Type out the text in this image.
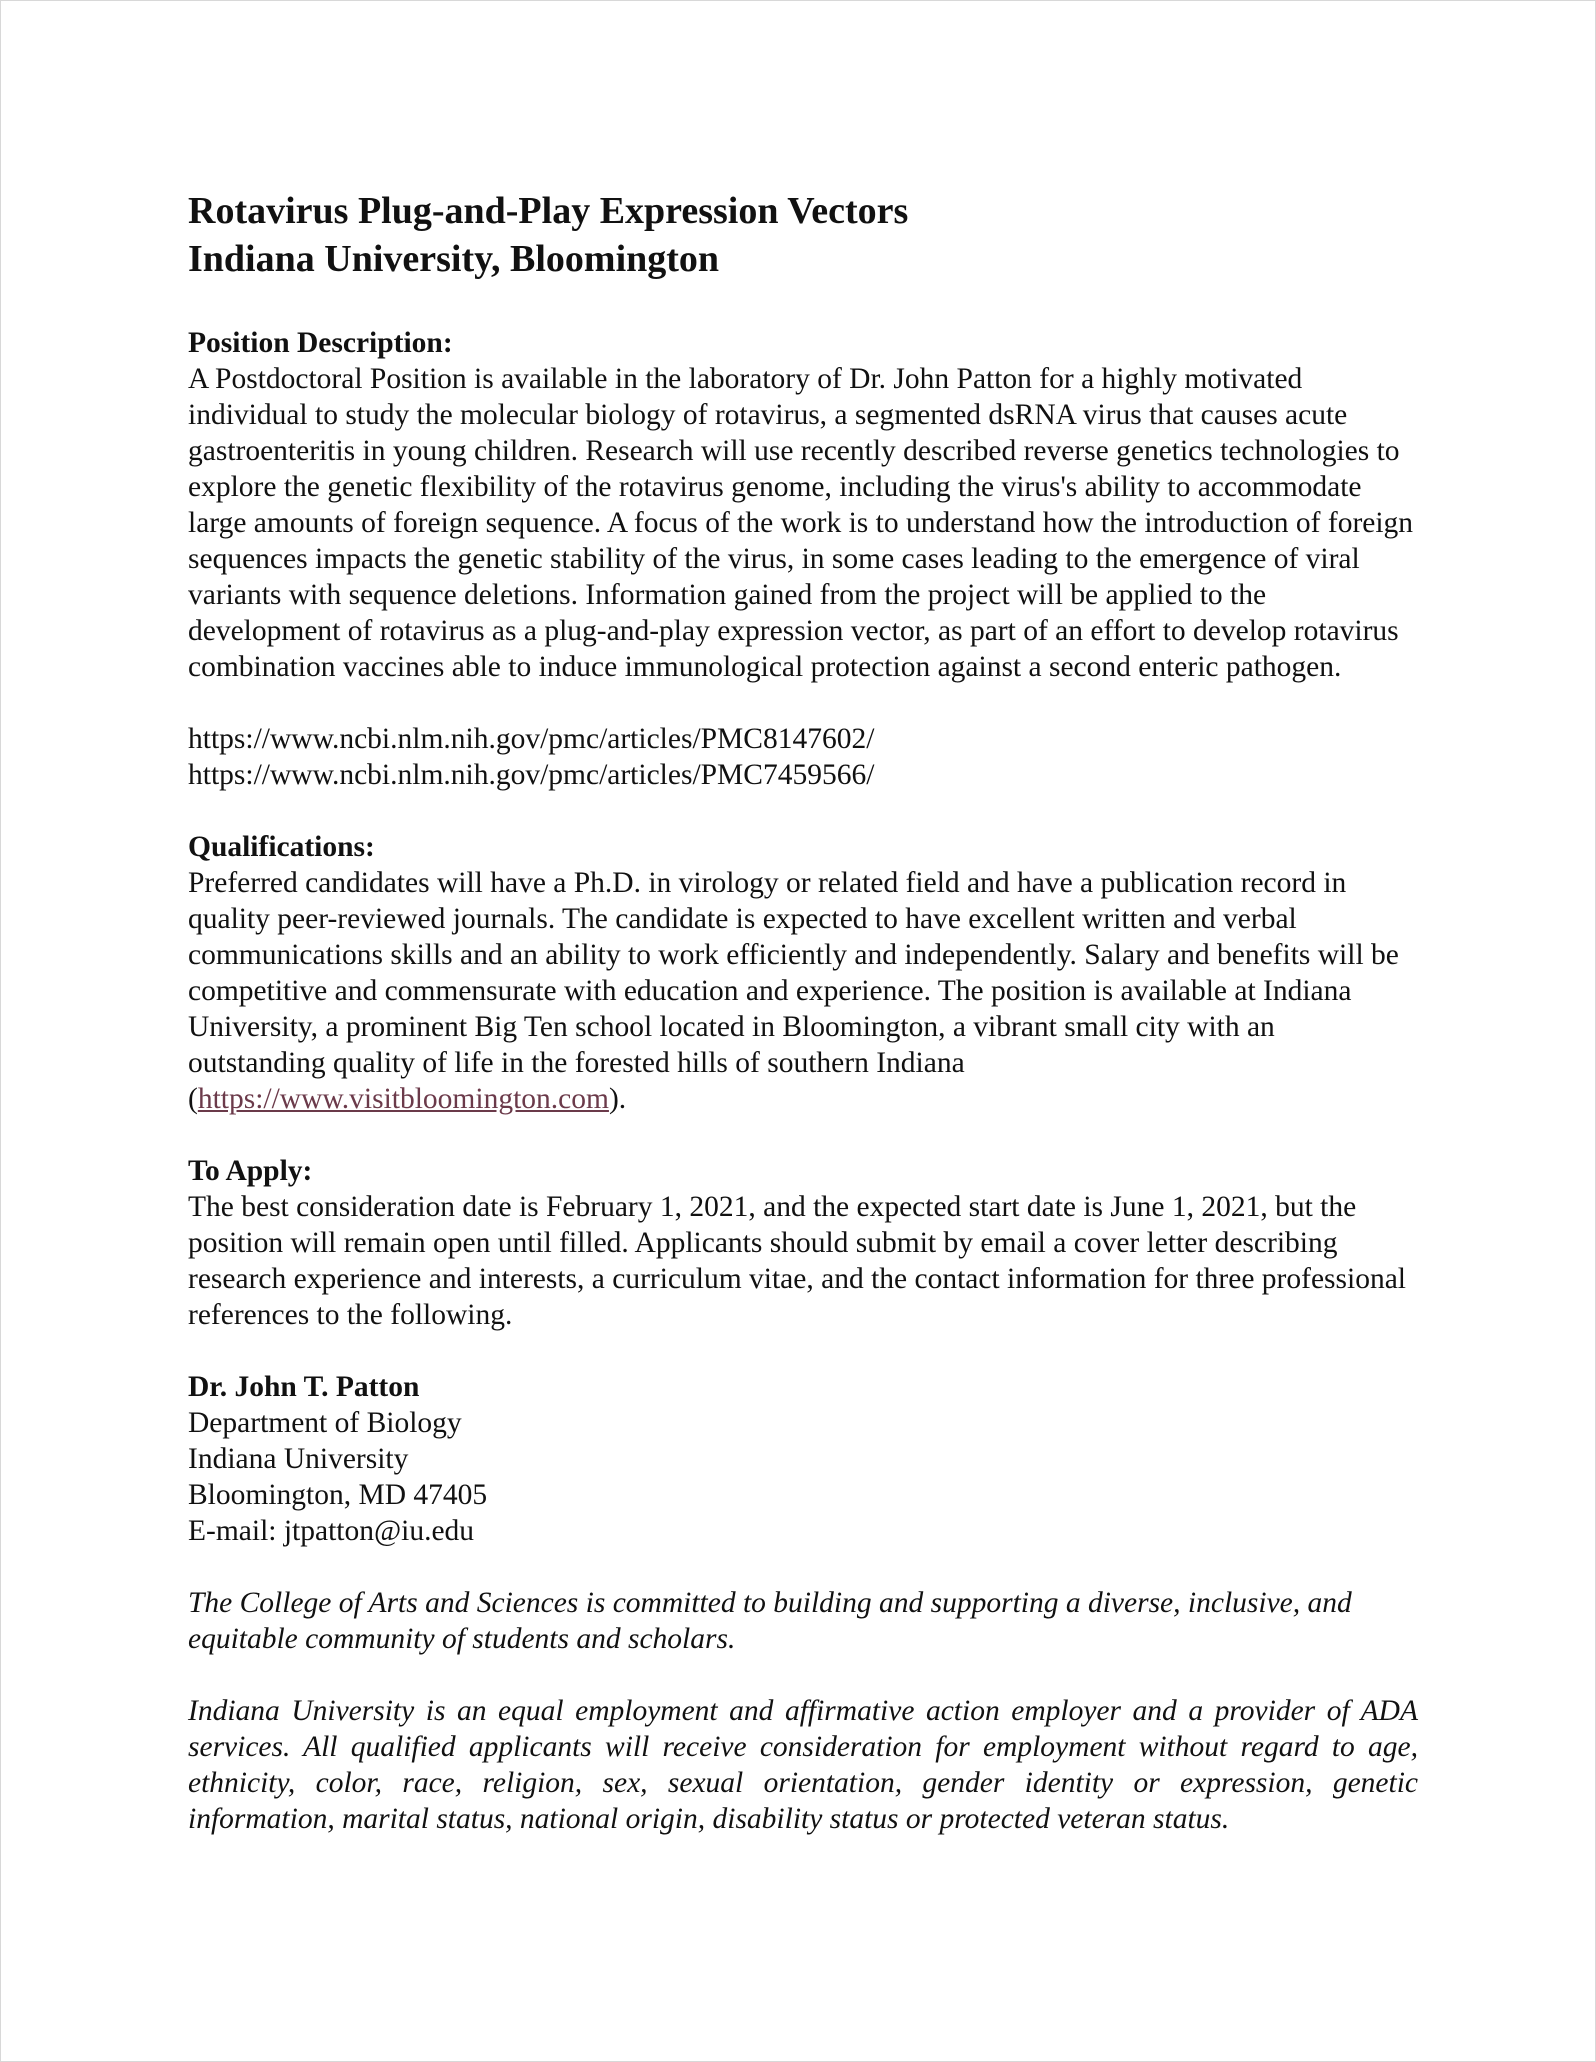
Rotavirus Plug-and-Play Expression Vectors
Indiana University, Bloomington

Position Description:

A Postdoctoral Position is available in the laboratory of Dr. John Patton for a highly motivated individual to study the molecular biology of rotavirus, a segmented dsRNA virus that causes acute gastroenteritis in young children. Research will use recently described reverse genetics technologies to explore the genetic flexibility of the rotavirus genome, including the virus's ability to accommodate large amounts of foreign sequence. A focus of the work is to understand how the introduction of foreign sequences impacts the genetic stability of the virus, in some cases leading to the emergence of viral variants with sequence deletions. Information gained from the project will be applied to the development of rotavirus as a plug-and-play expression vector, as part of an effort to develop rotavirus combination vaccines able to induce immunological protection against a second enteric pathogen.

https://www.ncbi.nlm.nih.gov/pmc/articles/PMC8147602/
https://www.ncbi.nlm.nih.gov/pmc/articles/PMC7459566/

Qualifications:

Preferred candidates will have a Ph.D. in virology or related field and have a publication record in quality peer-reviewed journals. The candidate is expected to have excellent written and verbal communications skills and an ability to work efficiently and independently. Salary and benefits will be competitive and commensurate with education and experience. The position is available at Indiana University, a prominent Big Ten school located in Bloomington, a vibrant small city with an outstanding quality of life in the forested hills of southern Indiana
(https://www.visitbloomington.com).

To Apply:

The best consideration date is February 1, 2021, and the expected start date is June 1, 2021, but the position will remain open until filled. Applicants should submit by email a cover letter describing research experience and interests, a curriculum vitae, and the contact information for three professional references to the following.

Dr. John T. Patton
Department of Biology
Indiana University
Bloomington, MD 47405
E-mail: jtpatton@iu.edu

The College of Arts and Sciences is committed to building and supporting a diverse, inclusive, and equitable community of students and scholars.

Indiana University is an equal employment and affirmative action employer and a provider of ADA services. All qualified applicants will receive consideration for employment without regard to age, ethnicity, color, race, religion, sex, sexual orientation, gender identity or expression, genetic information, marital status, national origin, disability status or protected veteran status.
